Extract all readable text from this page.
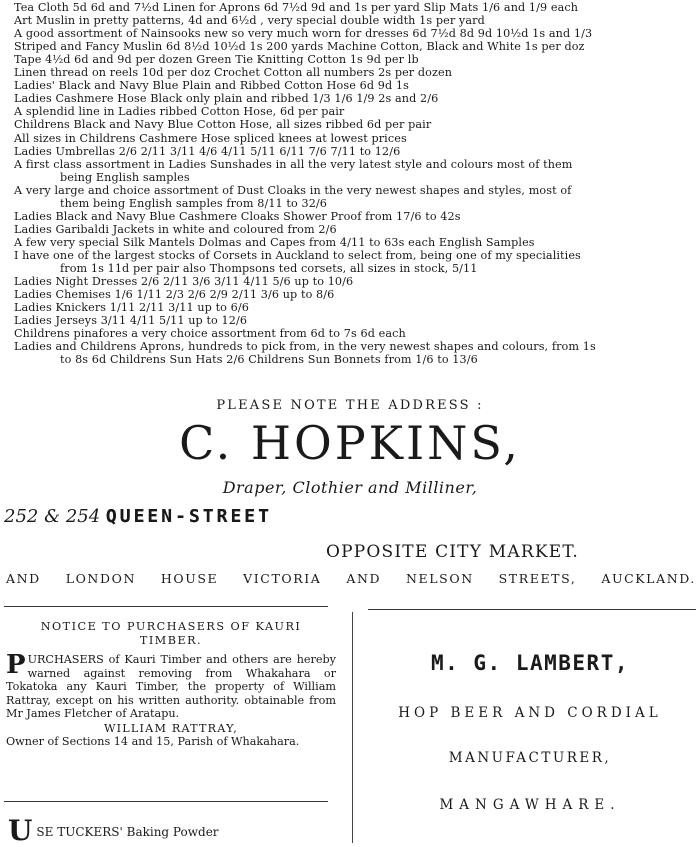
Tea Cloth 5d 6d and 7½d Linen for Aprons 6d 7½d 9d and 1s per yard Slip Mats 1/6 and 1/9 each
Art Muslin in pretty patterns, 4d and 6½d , very special double width 1s per yard
A good assortment of Nainsooks new so very much worn for dresses 6d 7½d 8d 9d 10½d 1s and 1/3
Striped and Fancy Muslin 6d 8½d 10½d 1s 200 yards Machine Cotton, Black and White 1s per doz
Tape 4½d 6d and 9d per dozen Green Tie Knitting Cotton 1s 9d per lb
Linen thread on reels 10d per doz Crochet Cotton all numbers 2s per dozen
Ladies' Black and Navy Blue Plain and Ribbed Cotton Hose 6d 9d 1s
Ladies Cashmere Hose Black only plain and ribbed 1/3 1/6 1/9 2s and 2/6
A splendid line in Ladies ribbed Cotton Hose, 6d per pair
Childrens Black and Navy Blue Cotton Hose, all sizes ribbed 6d per pair
All sizes in Childrens Cashmere Hose spliced knees at lowest prices
Ladies Umbrellas 2/6 2/11 3/11 4/6 4/11 5/11 6/11 7/6 7/11 to 12/6
A first class assortment in Ladies Sunshades in all the very latest style and colours most of them
being English samples
A very large and choice assortment of Dust Cloaks in the very newest shapes and styles, most of
them being English samples from 8/11 to 32/6
Ladies Black and Navy Blue Cashmere Cloaks Shower Proof from 17/6 to 42s
Ladies Garibaldi Jackets in white and coloured from 2/6
A few very special Silk Mantels Dolmas and Capes from 4/11 to 63s each English Samples
I have one of the largest stocks of Corsets in Auckland to select from, being one of my specialities
from 1s 11d per pair also Thompsons ted corsets, all sizes in stock, 5/11
Ladies Night Dresses 2/6 2/11 3/6 3/11 4/11 5/6 up to 10/6
Ladies Chemises 1/6 1/11 2/3 2/6 2/9 2/11 3/6 up to 8/6
Ladies Knickers 1/11 2/11 3/11 up to 6/6
Ladies Jerseys 3/11 4/11 5/11 up to 12/6
Childrens pinafores a very choice assortment from 6d to 7s 6d each
Ladies and Childrens Aprons, hundreds to pick from, in the very newest shapes and colours, from 1s
to 8s 6d Childrens Sun Hats 2/6 Childrens Sun Bonnets from 1/6 to 13/6
PLEASE NOTE THE ADDRESS :
C. HOPKINS,
Draper, Clothier and Milliner,
252 & 254 QUEEN-STREET
OPPOSITE CITY MARKET.
AND LONDON HOUSE VICTORIA AND NELSON STREETS, AUCKLAND.
NOTICE TO PURCHASERS OF KAURI
TIMBER.
P URCHASERS of Kauri Timber and others are hereby warned against removing from Whakahara or Tokatoka any Kauri Timber, the property of William Rattray, except on his written authority. obtainable from Mr James Fletcher of Aratapu.
WILLIAM RATTRAY,
Owner of Sections 14 and 15, Parish of Whakahara.
USE TUCKERS' Baking Powder
M. G. LAMBERT,
HOP BEER AND CORDIAL
MANUFACTURER,
MANGAWHARE.
